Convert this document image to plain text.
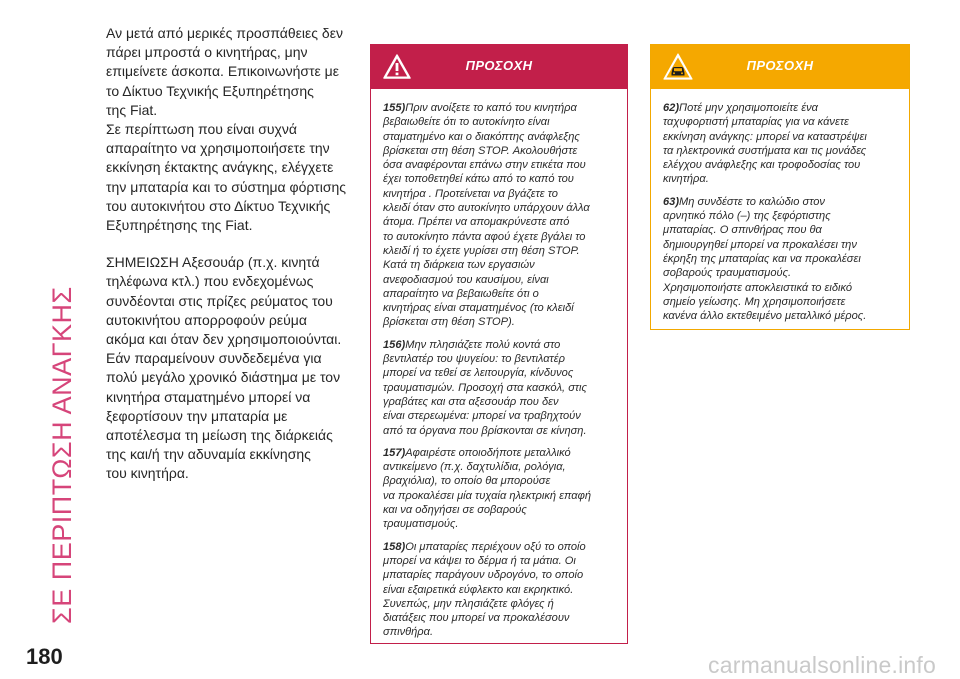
ΣΕ ΠΕΡΙΠΤΩΣΗ ΑΝΑΓΚΗΣ

Αν μετά από μερικές προσπάθειες δεν
πάρει μπροστά ο κινητήρας, μην
επιμείνετε άσκοπα. Επικοινωνήστε με
το Δίκτυο Τεχνικής Εξυπηρέτησης
της Fiat.
Σε περίπτωση που είναι συχνά
απαραίτητο να χρησιμοποιήσετε την
εκκίνηση έκτακτης ανάγκης, ελέγχετε
την μπαταρία και το σύστημα φόρτισης
του αυτοκινήτου στο Δίκτυο Τεχνικής
Εξυπηρέτησης της Fiat.

ΣΗΜΕΙΩΣΗ Αξεσουάρ (π.χ. κινητά
τηλέφωνα κτλ.) που ενδεχομένως
συνδέονται στις πρίζες ρεύματος του
αυτοκινήτου απορροφούν ρεύμα
ακόμα και όταν δεν χρησιμοποιούνται.
Εάν παραμείνουν συνδεδεμένα για
πολύ μεγάλο χρονικό διάστημα με τον
κινητήρα σταματημένο μπορεί να
ξεφορτίσουν την μπαταρία με
αποτέλεσμα τη μείωση της διάρκειάς
της και/ή την αδυναμία εκκίνησης
του κινητήρα.

ΠΡΟΣΟΧΗ
155)Πριν ανοίξετε το καπό του κινητήρα
βεβαιωθείτε ότι το αυτοκίνητο είναι
σταματημένο και ο διακόπτης ανάφλεξης
βρίσκεται στη θέση STOP. Ακολουθήστε
όσα αναφέρονται επάνω στην ετικέτα που
έχει τοποθετηθεί κάτω από το καπό του
κινητήρα . Προτείνεται να βγάζετε το
κλειδί όταν στο αυτοκίνητο υπάρχουν άλλα
άτομα. Πρέπει να απομακρύνεστε από
το αυτοκίνητο πάντα αφού έχετε βγάλει το
κλειδί ή το έχετε γυρίσει στη θέση STOP.
Κατά τη διάρκεια των εργασιών
ανεφοδιασμού του καυσίμου, είναι
απαραίτητο να βεβαιωθείτε ότι ο
κινητήρας είναι σταματημένος (το κλειδί
βρίσκεται στη θέση STOP).
156)Μην πλησιάζετε πολύ κοντά στο
βεντιλατέρ του ψυγείου: το βεντιλατέρ
μπορεί να τεθεί σε λειτουργία, κίνδυνος
τραυματισμών. Προσοχή στα κασκόλ, στις
γραβάτες και στα αξεσουάρ που δεν
είναι στερεωμένα: μπορεί να τραβηχτούν
από τα όργανα που βρίσκονται σε κίνηση.
157)Αφαιρέστε οποιοδήποτε μεταλλικό
αντικείμενο (π.χ. δαχτυλίδια, ρολόγια,
βραχιόλια), το οποίο θα μπορούσε
να προκαλέσει μία τυχαία ηλεκτρική επαφή
και να οδηγήσει σε σοβαρούς
τραυματισμούς.
158)Οι μπαταρίες περιέχουν οξύ το οποίο
μπορεί να κάψει το δέρμα ή τα μάτια. Οι
μπαταρίες παράγουν υδρογόνο, το οποίο
είναι εξαιρετικά εύφλεκτο και εκρηκτικό.
Συνεπώς, μην πλησιάζετε φλόγες ή
διατάξεις που μπορεί να προκαλέσουν
σπινθήρα.
ΠΡΟΣΟΧΗ
62)Ποτέ μην χρησιμοποιείτε ένα
ταχυφορτιστή μπαταρίας για να κάνετε
εκκίνηση ανάγκης: μπορεί να καταστρέψει
τα ηλεκτρονικά συστήματα και τις μονάδες
ελέγχου ανάφλεξης και τροφοδοσίας του
κινητήρα.
63)Μη συνδέστε το καλώδιο στον
αρνητικό πόλο (–) της ξεφόρτιστης
μπαταρίας. Ο σπινθήρας που θα
δημιουργηθεί μπορεί να προκαλέσει την
έκρηξη της μπαταρίας και να προκαλέσει
σοβαρούς τραυματισμούς.
Χρησιμοποιήστε αποκλειστικά το ειδικό
σημείο γείωσης. Μη χρησιμοποιήσετε
κανένα άλλο εκτεθειμένο μεταλλικό μέρος.
180	carmanualsonline.info
